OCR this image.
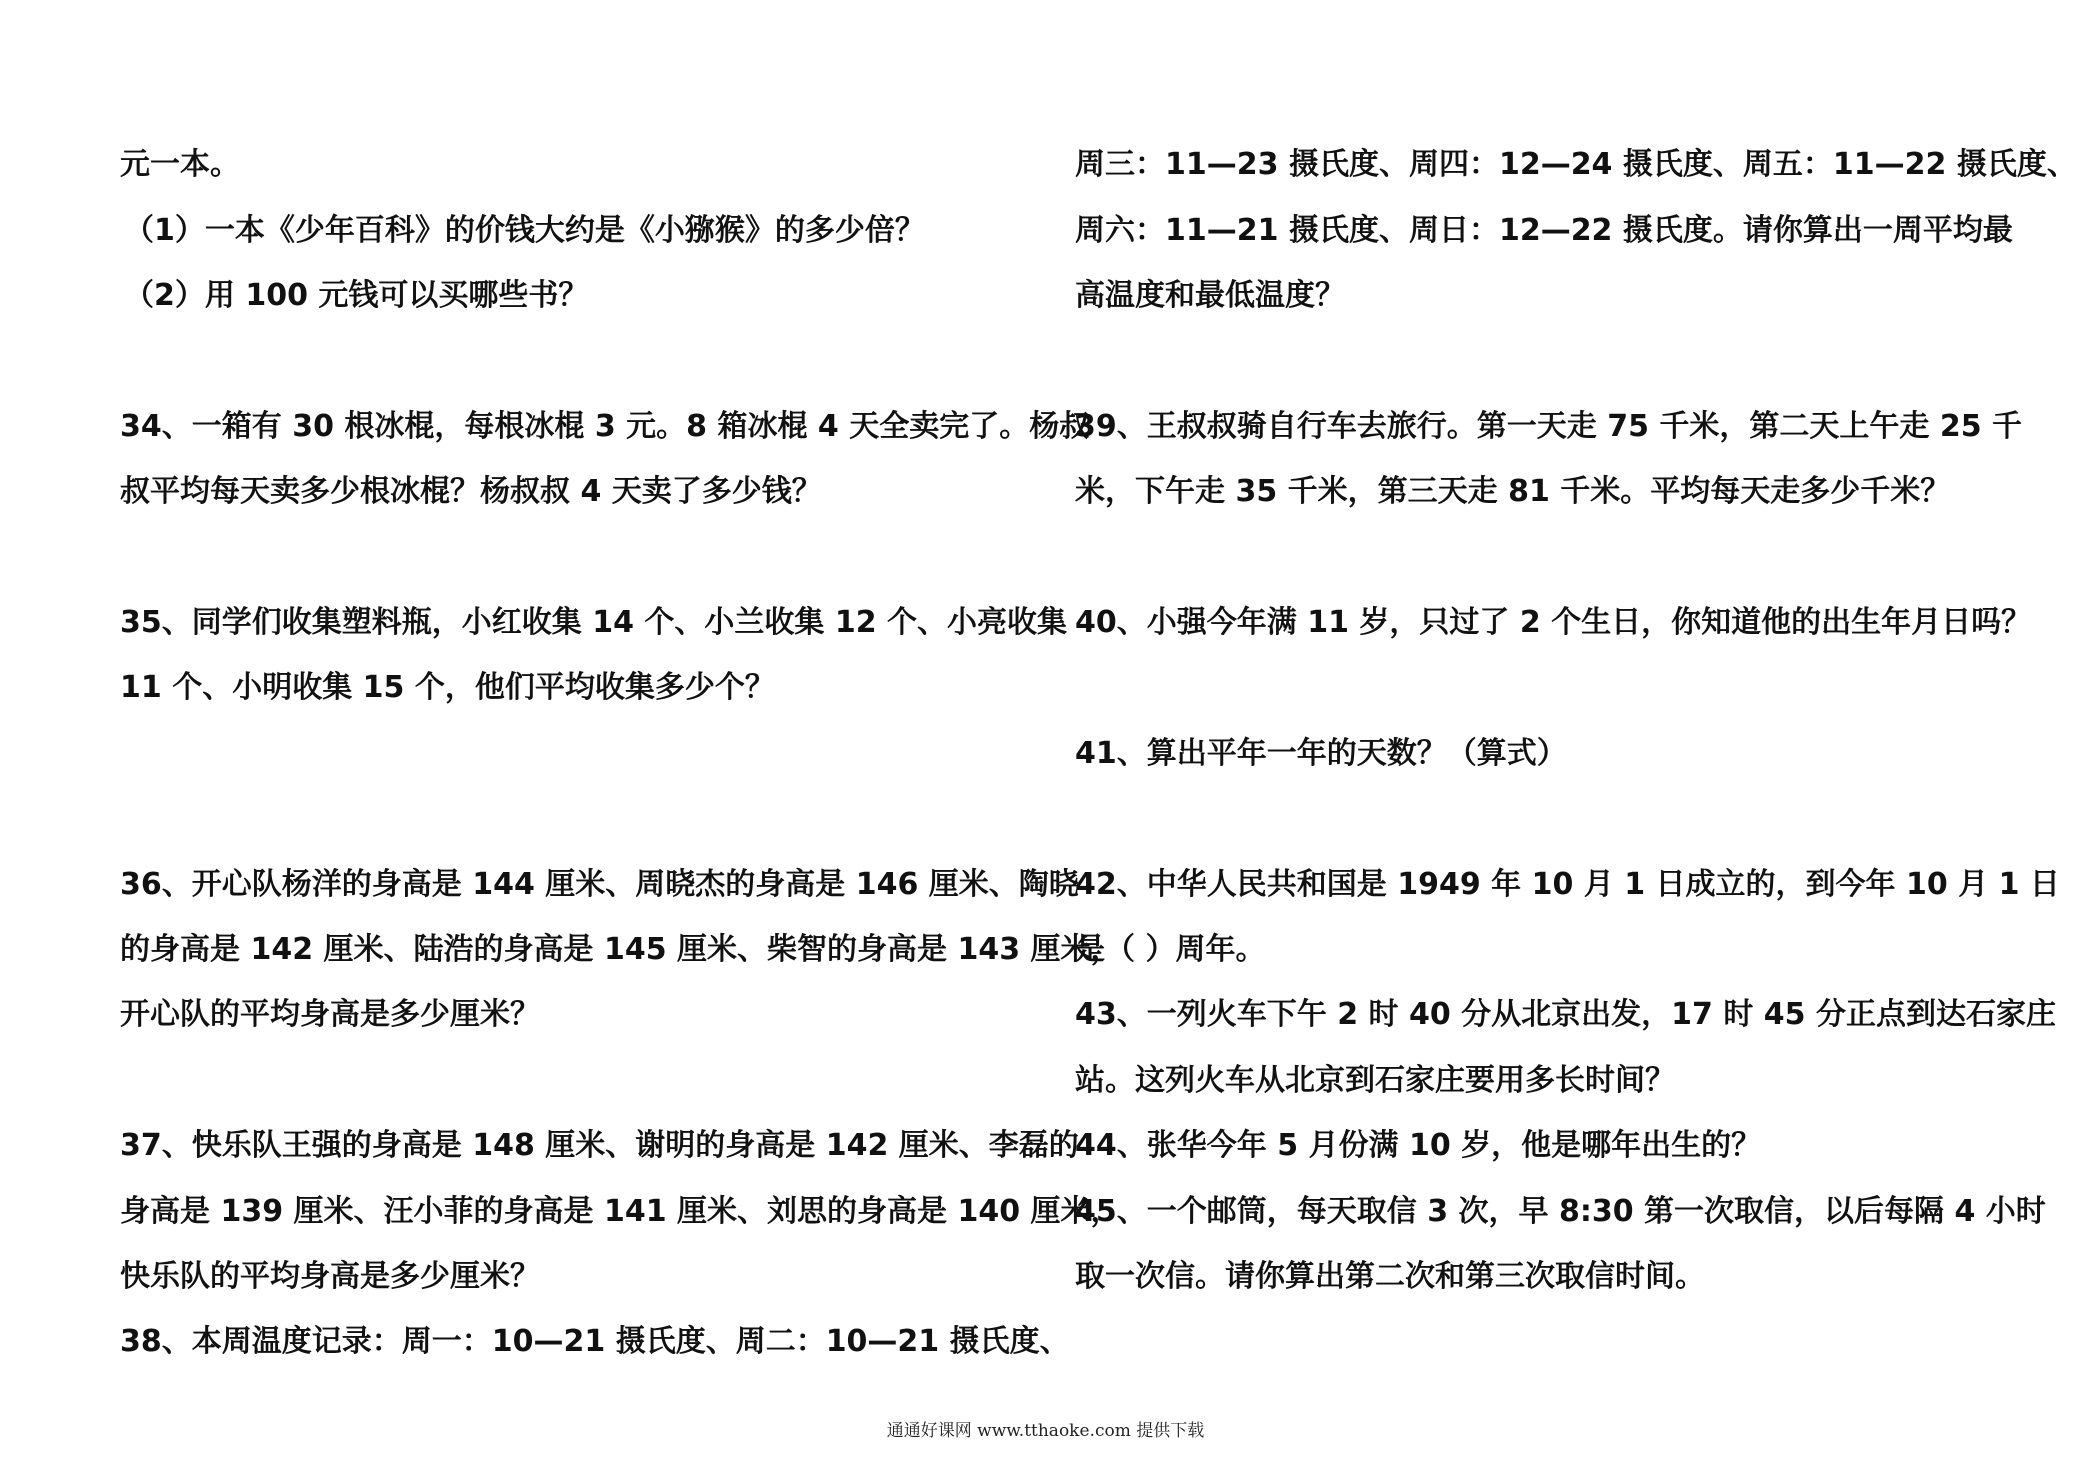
元一本。
（1）一本《少年百科》的价钱大约是《小猕猴》的多少倍？
（2）用 100 元钱可以买哪些书？
34、一箱有 30 根冰棍，每根冰棍 3 元。8 箱冰棍 4 天全卖完了。杨叔
叔平均每天卖多少根冰棍？杨叔叔 4 天卖了多少钱？
35、同学们收集塑料瓶，小红收集 14 个、小兰收集 12 个、小亮收集
11 个、小明收集 15 个，他们平均收集多少个？
36、开心队杨洋的身高是 144 厘米、周晓杰的身高是 146 厘米、陶晓
的身高是 142 厘米、陆浩的身高是 145 厘米、柴智的身高是 143 厘米，
开心队的平均身高是多少厘米？
37、快乐队王强的身高是 148 厘米、谢明的身高是 142 厘米、李磊的
身高是 139 厘米、汪小菲的身高是 141 厘米、刘思的身高是 140 厘米，
快乐队的平均身高是多少厘米？
38、本周温度记录：周一：10—21 摄氏度、周二：10—21 摄氏度、
周三：11—23 摄氏度、周四：12—24 摄氏度、周五：11—22 摄氏度、
周六：11—21 摄氏度、周日：12—22 摄氏度。请你算出一周平均最
高温度和最低温度？
39、王叔叔骑自行车去旅行。第一天走 75 千米，第二天上午走 25 千
米，下午走 35 千米，第三天走 81 千米。平均每天走多少千米？
40、小强今年满 11 岁，只过了 2 个生日，你知道他的出生年月日吗？
41、算出平年一年的天数？（算式）
42、中华人民共和国是 1949 年 10 月 1 日成立的，到今年 10 月 1 日
是（ ）周年。
43、一列火车下午 2 时 40 分从北京出发，17 时 45 分正点到达石家庄
站。这列火车从北京到石家庄要用多长时间？
44、张华今年 5 月份满 10 岁，他是哪年出生的？
45、一个邮筒，每天取信 3 次，早 8:30 第一次取信，以后每隔 4 小时
取一次信。请你算出第二次和第三次取信时间。
通通好课网 www.tthaoke.com 提供下载
